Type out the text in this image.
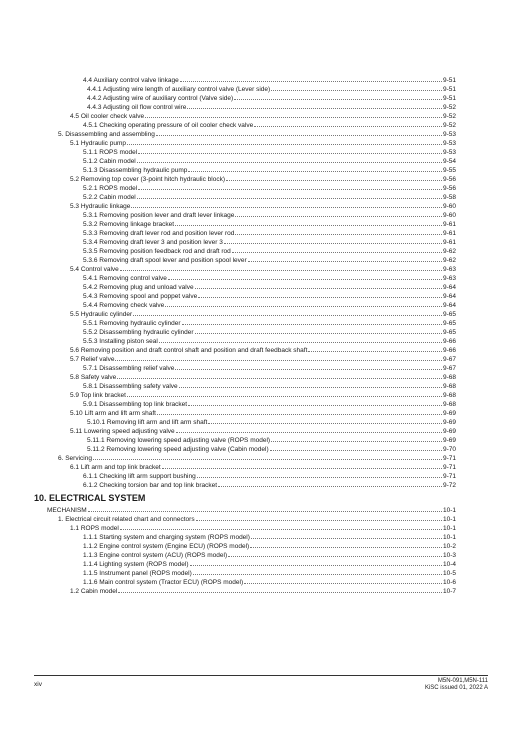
4.4 Auxiliary control valve linkage	9-51
4.4.1 Adjusting wire length of auxiliary control valve (Lever side)	9-51
4.4.2 Adjusting wire of auxiliary control (Valve side)	9-51
4.4.3 Adjusting oil flow control wire	9-52
4.5 Oil cooler check valve	9-52
4.5.1 Checking operating pressure of oil cooler check valve	9-52
5. Disassembling and assembling	9-53
5.1 Hydraulic pump	9-53
5.1.1 ROPS model	9-53
5.1.2 Cabin model	9-54
5.1.3 Disassembling hydraulic pump	9-55
5.2 Removing top cover (3-point hitch hydraulic block)	9-56
5.2.1 ROPS model	9-56
5.2.2 Cabin model	9-58
5.3 Hydraulic linkage	9-60
5.3.1 Removing position lever and draft lever linkage	9-60
5.3.2 Removing linkage bracket	9-61
5.3.3 Removing draft lever rod and position lever rod	9-61
5.3.4 Removing draft lever 3 and position lever 3	9-61
5.3.5 Removing position feedback rod and draft rod	9-62
5.3.6 Removing draft spool lever and position spool lever	9-62
5.4 Control valve	9-63
5.4.1 Removing control valve	9-63
5.4.2 Removing plug and unload valve	9-64
5.4.3 Removing spool and poppet valve	9-64
5.4.4 Removing check valve	9-64
5.5 Hydraulic cylinder	9-65
5.5.1 Removing hydraulic cylinder	9-65
5.5.2 Disassembling hydraulic cylinder	9-65
5.5.3 Installing piston seal	9-66
5.6 Removing position and draft control shaft and position and draft feedback shaft	9-66
5.7 Relief valve	9-67
5.7.1 Disassembling relief valve	9-67
5.8 Safety valve	9-68
5.8.1 Disassembling safety valve	9-68
5.9 Top link bracket	9-68
5.9.1 Disassembling top link bracket	9-68
5.10 Lift arm and lift arm shaft	9-69
5.10.1 Removing lift arm and lift arm shaft	9-69
5.11 Lowering speed adjusting valve	9-69
5.11.1 Removing lowering speed adjusting valve (ROPS model)	9-69
5.11.2 Removing lowering speed adjusting valve (Cabin model)	9-70
6. Servicing	9-71
6.1 Lift arm and top link bracket	9-71
6.1.1 Checking lift arm support bushing	9-71
6.1.2 Checking torsion bar and top link bracket	9-72
10. ELECTRICAL SYSTEM
MECHANISM	10-1
1. Electrical circuit related chart and connectors	10-1
1.1 ROPS model	10-1
1.1.1 Starting system and charging system (ROPS model)	10-1
1.1.2 Engine control system (Engine ECU) (ROPS model)	10-2
1.1.3 Engine control system (ACU) (ROPS model)	10-3
1.1.4 Lighting system (ROPS model)	10-4
1.1.5 Instrument panel (ROPS model)	10-5
1.1.6 Main control system (Tractor ECU) (ROPS model)	10-6
1.2 Cabin model	10-7
xiv	M5N-091,M5N-111
KiSC issued 01, 2022 A
